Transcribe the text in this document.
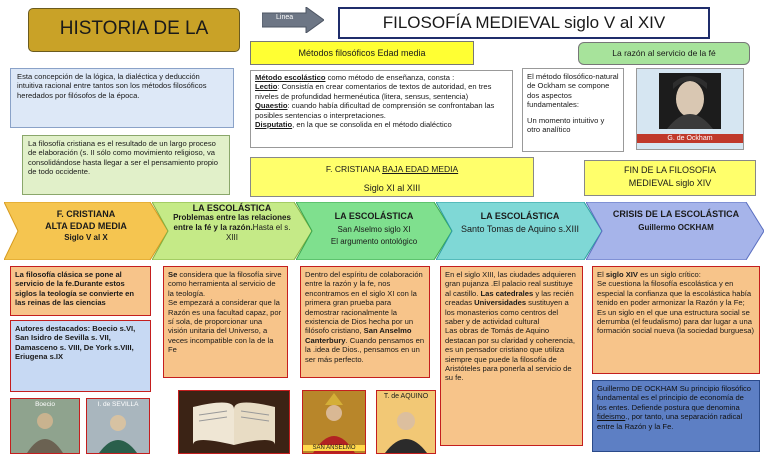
HISTORIA DE LA
Linea	FILOSOFÍA MEDIEVAL siglo V al XIV
Métodos filosóficos Edad media	La razón al servicio de la fé
Esta concepción de la lógica, la dialéctica y deducción intuitiva racional entre tantos son los métodos filosóficos heredados por filósofos de la época.
La filosofía cristiana es el resultado de un largo proceso de elaboración (s. II sólo como movimiento religioso, va consolidándose hasta llegar a ser el pensamiento propio de todo occidente.
Método escolástico como método de enseñanza, consta :
Lectio: Consistía en crear comentarios de textos de autoridad, en tres niveles de profundidad hermenéutica (litera, sensus, sentencia)
Quaestio: cuando había dificultad de comprensión se confrontaban las posibles sentencias o interpretaciones.
Disputatio, en la que se consolida en el método dialéctico
El método filosófico-natural de Ockham se compone dos aspectos fundamentales:
Un momento intuitivo y otro analítico
G. de Ockham
F. CRISTIANA BAJA EDAD MEDIA
Siglo XI al XIII
FIN DE LA FILOSOFIA
MEDIEVAL siglo XIV
F. CRISTIANA
ALTA EDAD MEDIA
Siglo V al X
LA ESCOLÁSTICA
Problemas entre las relaciones entre la fé y la razón.Hasta el s. XIII
LA ESCOLÁSTICA
San Alselmo siglo XI
El argumento ontológico
LA ESCOLÁSTICA
Santo Tomas de Aquino s.XIII
CRISIS DE LA ESCOLÁSTICA
Guillermo OCKHAM
La filosofía clásica se pone al servicio de la fe.Durante estos siglos la teología se convierte en las reinas de las ciencias
Autores destacados: Boecio s.VI, San Isidro de Sevilla s. VII, Damasceno s. VIII, De York s.VIII, Eriugena s.IX
Se considera que la filosofía sirve como herramienta al servicio de la teología.
Se empezará a considerar que la Razón es una facultad capaz, por sí sola, de proporcionar una visión unitaria del Universo, a veces incompatible con la de la Fe
Dentro del espíritu de colaboración entre la razón y la fe, nos encontramos en el siglo XI con la primera gran prueba para demostrar racionalmente la existencia de Dios hecha por un filósofo cristiano, San Anselmo Canterbury. Cuando pensamos en la .idea de Dios., pensamos en un ser más perfecto.
En el siglo XIII, las ciudades adquieren gran pujanza .El palacio real sustituye al castillo. Las catedrales y las recién creadas Universidades sustituyen a los monasterios como centros del saber y de actividad cultural
Las obras de Tomás de Aquino destacan por su claridad y coherencia, es un pensador cristiano que utiliza siempre que puede la filosofía de Aristóteles para ponerla al servicio de su fe.
El siglo XIV es un siglo crítico:
Se cuestiona la filosofía escolástica y en especial la confianza que la escolástica había tenido en poder armonizar la Razón y la Fe;
Es un siglo en el que una estructura social se derrumba (el feudalismo) para dar lugar a una formación social nueva (la sociedad burguesa)
Guillermo DE OCKHAM Su principio filosófico fundamental es el principio de economía de los entes. Defiende postura que denomina fideismo., por tanto, una separación radical entre la Razón y la Fe.
Boecio	I. de SEVILLA
SAN ANSELMO
T. de AQUINO
